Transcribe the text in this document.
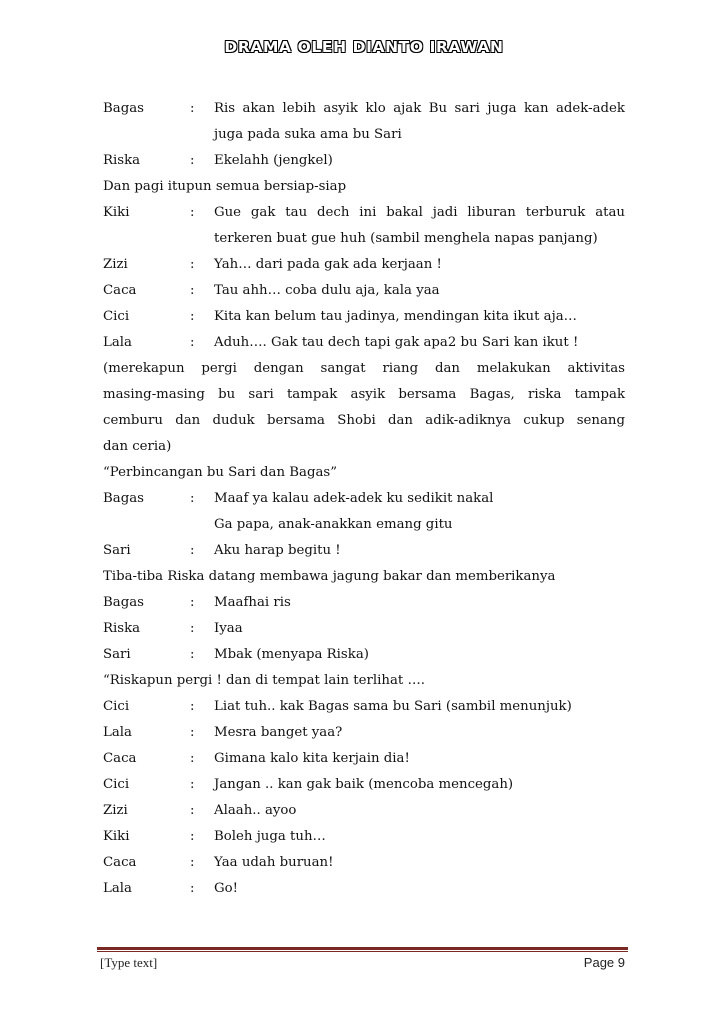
DRAMA OLEH DIANTO IRAWAN
Bagas	:	Ris akan lebih asyik klo ajak Bu sari juga kan adek-adek
juga pada suka ama bu Sari
Riska	:	Ekelahh (jengkel)
Dan pagi itupun semua bersiap-siap
Kiki	:	Gue gak tau dech ini bakal jadi liburan terburuk atau
terkeren buat gue huh (sambil menghela napas panjang)
Zizi	:	Yah… dari pada gak ada kerjaan !
Caca	:	Tau ahh… coba dulu aja, kala yaa
Cici	:	Kita kan belum tau jadinya, mendingan kita ikut aja…
Lala	:	Aduh…. Gak tau dech tapi gak apa2 bu Sari kan ikut !
(merekapun pergi dengan sangat riang dan melakukan aktivitas
masing-masing bu sari tampak asyik bersama Bagas, riska tampak
cemburu dan duduk bersama Shobi dan adik-adiknya cukup senang
dan ceria)
“Perbincangan bu Sari dan Bagas”
Bagas	:	Maaf ya kalau adek-adek ku sedikit nakal
Ga papa, anak-anakkan emang gitu
Sari	:	Aku harap begitu !
Tiba-tiba Riska datang membawa jagung bakar dan memberikanya
Bagas	:	Maafhai ris
Riska	:	Iyaa
Sari	:	Mbak (menyapa Riska)
“Riskapun pergi ! dan di tempat lain terlihat ….
Cici	:	Liat tuh.. kak Bagas sama bu Sari (sambil menunjuk)
Lala	:	Mesra banget yaa?
Caca	:	Gimana kalo kita kerjain dia!
Cici	:	Jangan .. kan gak baik (mencoba mencegah)
Zizi	:	Alaah.. ayoo
Kiki	:	Boleh juga tuh…
Caca	:	Yaa udah buruan!
Lala	:	Go!
[Type text]	Page 9
